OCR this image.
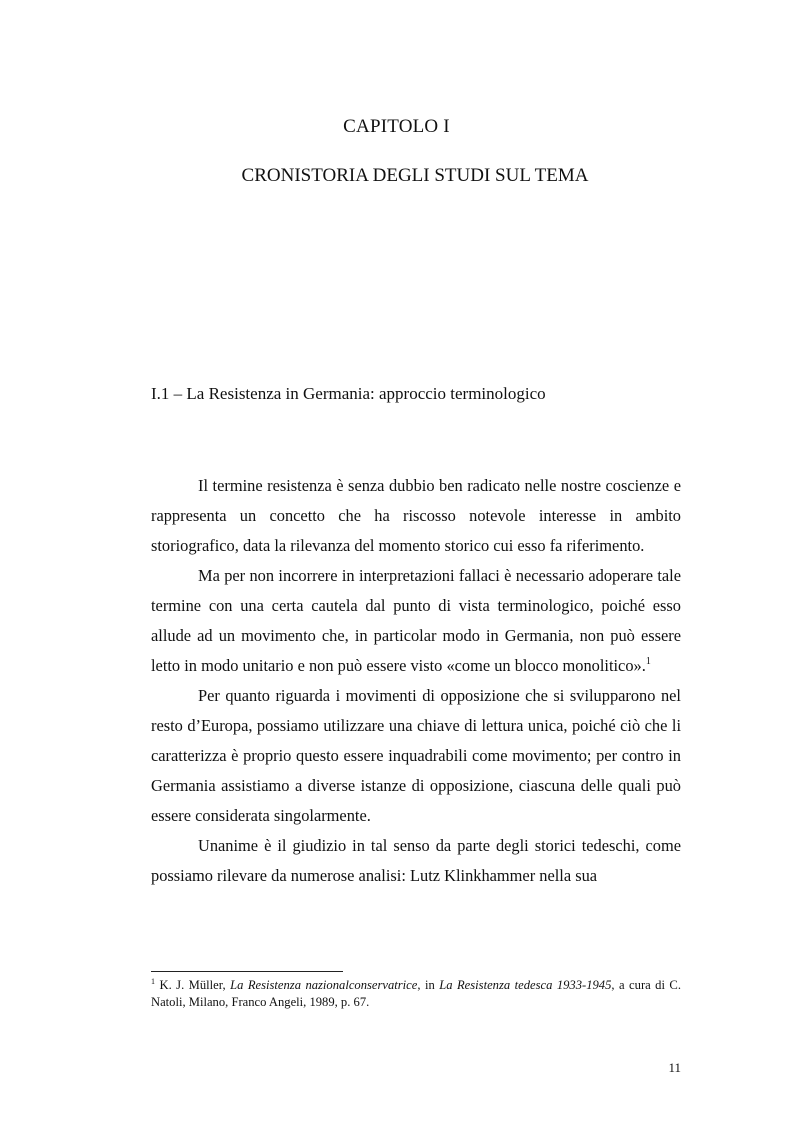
CAPITOLO I
CRONISTORIA DEGLI STUDI SUL TEMA
I.1 – La Resistenza in Germania: approccio terminologico

Il termine resistenza è senza dubbio ben radicato nelle nostre coscienze e rappresenta un concetto che ha riscosso notevole interesse in ambito storiografico, data la rilevanza del momento storico cui esso fa riferimento.

Ma per non incorrere in interpretazioni fallaci è necessario adoperare tale termine con una certa cautela dal punto di vista terminologico, poiché esso allude ad un movimento che, in particolar modo in Germania, non può essere letto in modo unitario e non può essere visto «come un blocco monolitico».$^1$

Per quanto riguarda i movimenti di opposizione che si svilupparono nel resto d’Europa, possiamo utilizzare una chiave di lettura unica, poiché ciò che li caratterizza è proprio questo essere inquadrabili come movimento; per contro in Germania assistiamo a diverse istanze di opposizione, ciascuna delle quali può essere considerata singolarmente.

Unanime è il giudizio in tal senso da parte degli storici tedeschi, come possiamo rilevare da numerose analisi: Lutz Klinkhammer nella sua

$^1$ K. J. Müller, La Resistenza nazionalconservatrice, in La Resistenza tedesca 1933-1945, a cura di C. Natoli, Milano, Franco Angeli, 1989, p. 67.
11
